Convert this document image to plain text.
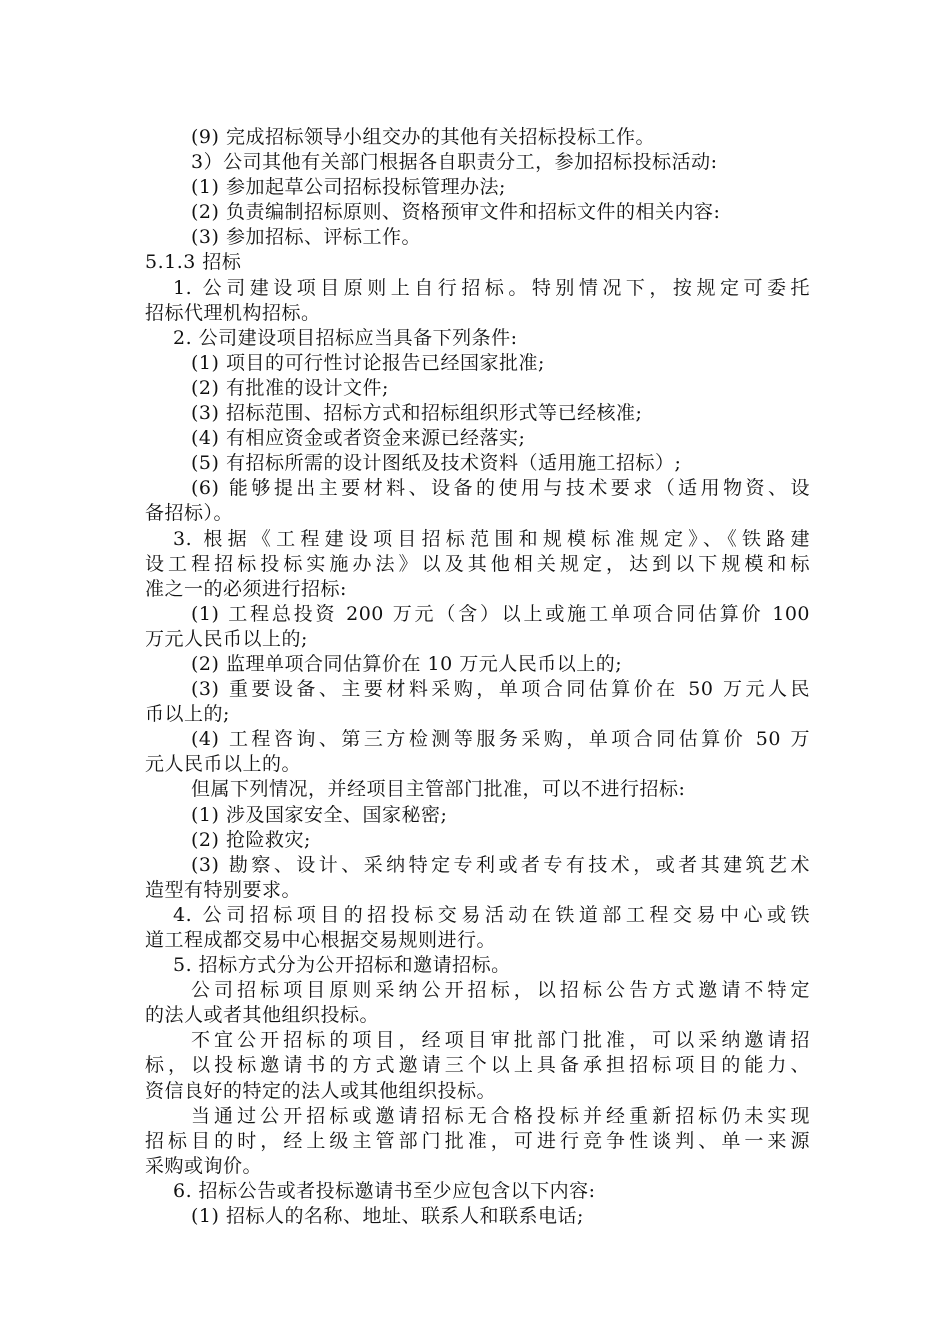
(9) 完成招标领导小组交办的其他有关招标投标工作。
3）公司其他有关部门根据各自职责分工，参加招标投标活动:
(1) 参加起草公司招标投标管理办法;
(2) 负责编制招标原则、资格预审文件和招标文件的相关内容:
(3) 参加招标、评标工作。
5.1.3 招标
1. 公司建设项目原则上自行招标。特别情况下，按规定可委托
招标代理机构招标。
2. 公司建设项目招标应当具备下列条件:
(1) 项目的可行性讨论报告已经国家批准;
(2) 有批准的设计文件;
(3) 招标范围、招标方式和招标组织形式等已经核准;
(4) 有相应资金或者资金来源已经落实;
(5) 有招标所需的设计图纸及技术资料（适用施工招标）;
(6) 能够提出主要材料、设备的使用与技术要求（适用物资、设
备招标）。
3. 根据《工程建设项目招标范围和规模标准规定》、《铁路建
设工程招标投标实施办法》以及其他相关规定，达到以下规模和标
准之一的必须进行招标:
(1) 工程总投资 200 万元（含）以上或施工单项合同估算价 100
万元人民币以上的;
(2) 监理单项合同估算价在 10 万元人民币以上的;
(3) 重要设备、主要材料采购，单项合同估算价在 50 万元人民
币以上的;
(4) 工程咨询、第三方检测等服务采购，单项合同估算价 50 万
元人民币以上的。
但属下列情况，并经项目主管部门批准，可以不进行招标:
(1) 涉及国家安全、国家秘密;
(2) 抢险救灾;
(3) 勘察、设计、采纳特定专利或者专有技术，或者其建筑艺术
造型有特别要求。
4. 公司招标项目的招投标交易活动在铁道部工程交易中心或铁
道工程成都交易中心根据交易规则进行。
5. 招标方式分为公开招标和邀请招标。
公司招标项目原则采纳公开招标，以招标公告方式邀请不特定
的法人或者其他组织投标。
不宜公开招标的项目，经项目审批部门批准，可以采纳邀请招
标，以投标邀请书的方式邀请三个以上具备承担招标项目的能力、
资信良好的特定的法人或其他组织投标。
当通过公开招标或邀请招标无合格投标并经重新招标仍未实现
招标目的时，经上级主管部门批准，可进行竞争性谈判、单一来源
采购或询价。
6. 招标公告或者投标邀请书至少应包含以下内容:
(1) 招标人的名称、地址、联系人和联系电话;
